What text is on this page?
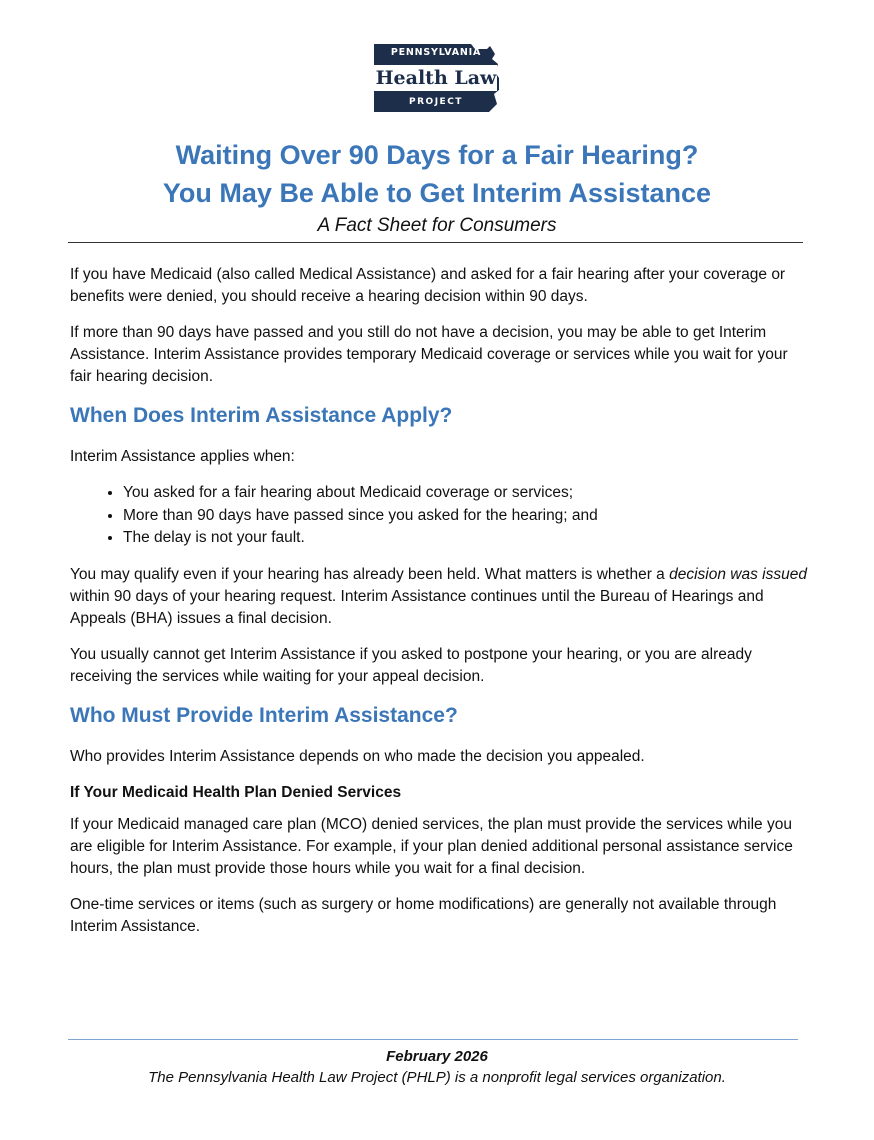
PENNSYLVANIA
Health Law
PROJECT
Waiting Over 90 Days for a Fair Hearing?
You May Be Able to Get Interim Assistance

A Fact Sheet for Consumers

If you have Medicaid (also called Medical Assistance) and asked for a fair hearing after your coverage or benefits were denied, you should receive a hearing decision within 90 days.

If more than 90 days have passed and you still do not have a decision, you may be able to get Interim Assistance. Interim Assistance provides temporary Medicaid coverage or services while you wait for your fair hearing decision.

When Does Interim Assistance Apply?

Interim Assistance applies when:

• You asked for a fair hearing about Medicaid coverage or services;
• More than 90 days have passed since you asked for the hearing; and
• The delay is not your fault.

You may qualify even if your hearing has already been held. What matters is whether a decision was issued within 90 days of your hearing request. Interim Assistance continues until the Bureau of Hearings and Appeals (BHA) issues a final decision.

You usually cannot get Interim Assistance if you asked to postpone your hearing, or you are already receiving the services while waiting for your appeal decision.

Who Must Provide Interim Assistance?

Who provides Interim Assistance depends on who made the decision you appealed.

If Your Medicaid Health Plan Denied Services

If your Medicaid managed care plan (MCO) denied services, the plan must provide the services while you are eligible for Interim Assistance. For example, if your plan denied additional personal assistance service hours, the plan must provide those hours while you wait for a final decision.

One-time services or items (such as surgery or home modifications) are generally not available through Interim Assistance.

February 2026
The Pennsylvania Health Law Project (PHLP) is a nonprofit legal services organization.
